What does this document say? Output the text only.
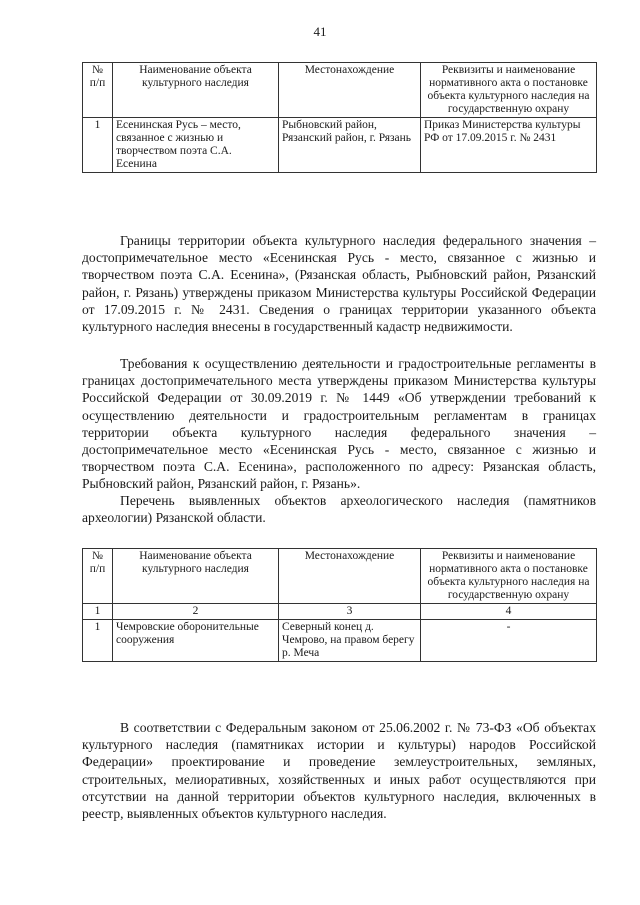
41
№ п/п	Наименование объекта культурного наследия	Местонахождение	Реквизиты и наименование нормативного акта о постановке объекта культурного наследия на государственную охрану
1	Есенинская Русь – место, связанное с жизнью и творчеством поэта С.А. Есенина	Рыбновский район, Рязанский район, г. Рязань	Приказ Министерства культуры РФ от 17.09.2015 г. № 2431

Границы территории объекта культурного наследия федерального значения – достопримечательное место «Есенинская Русь - место, связанное с жизнью и творчеством поэта С.А. Есенина», (Рязанская область, Рыбновский район, Рязанский район, г. Рязань) утверждены приказом Министерства культуры Российской Федерации от 17.09.2015 г. № 2431. Сведения о границах территории указанного объекта культурного наследия внесены в государственный кадастр недвижимости.

Требования к осуществлению деятельности и градостроительные регламенты в границах достопримечательного места утверждены приказом Министерства культуры Российской Федерации от 30.09.2019 г. № 1449 «Об утверждении требований к осуществлению деятельности и градостроительным регламентам в границах территории объекта культурного наследия федерального значения – достопримечательное место «Есенинская Русь - место, связанное с жизнью и творчеством поэта С.А. Есенина», расположенного по адресу: Рязанская область, Рыбновский район, Рязанский район, г. Рязань».

Перечень выявленных объектов археологического наследия (памятников археологии) Рязанской области.

№ п/п	Наименование объекта культурного наследия	Местонахождение	Реквизиты и наименование нормативного акта о постановке объекта культурного наследия на государственную охрану
1	2	3	4
1	Чемровские оборонительные сооружения	Северный конец д. Чемрово, на правом берегу р. Меча	-

В соответствии с Федеральным законом от 25.06.2002 г. № 73-ФЗ «Об объектах культурного наследия (памятниках истории и культуры) народов Российской Федерации» проектирование и проведение землеустроительных, земляных, строительных, мелиоративных, хозяйственных и иных работ осуществляются при отсутствии на данной территории объектов культурного наследия, включенных в реестр, выявленных объектов культурного наследия.
